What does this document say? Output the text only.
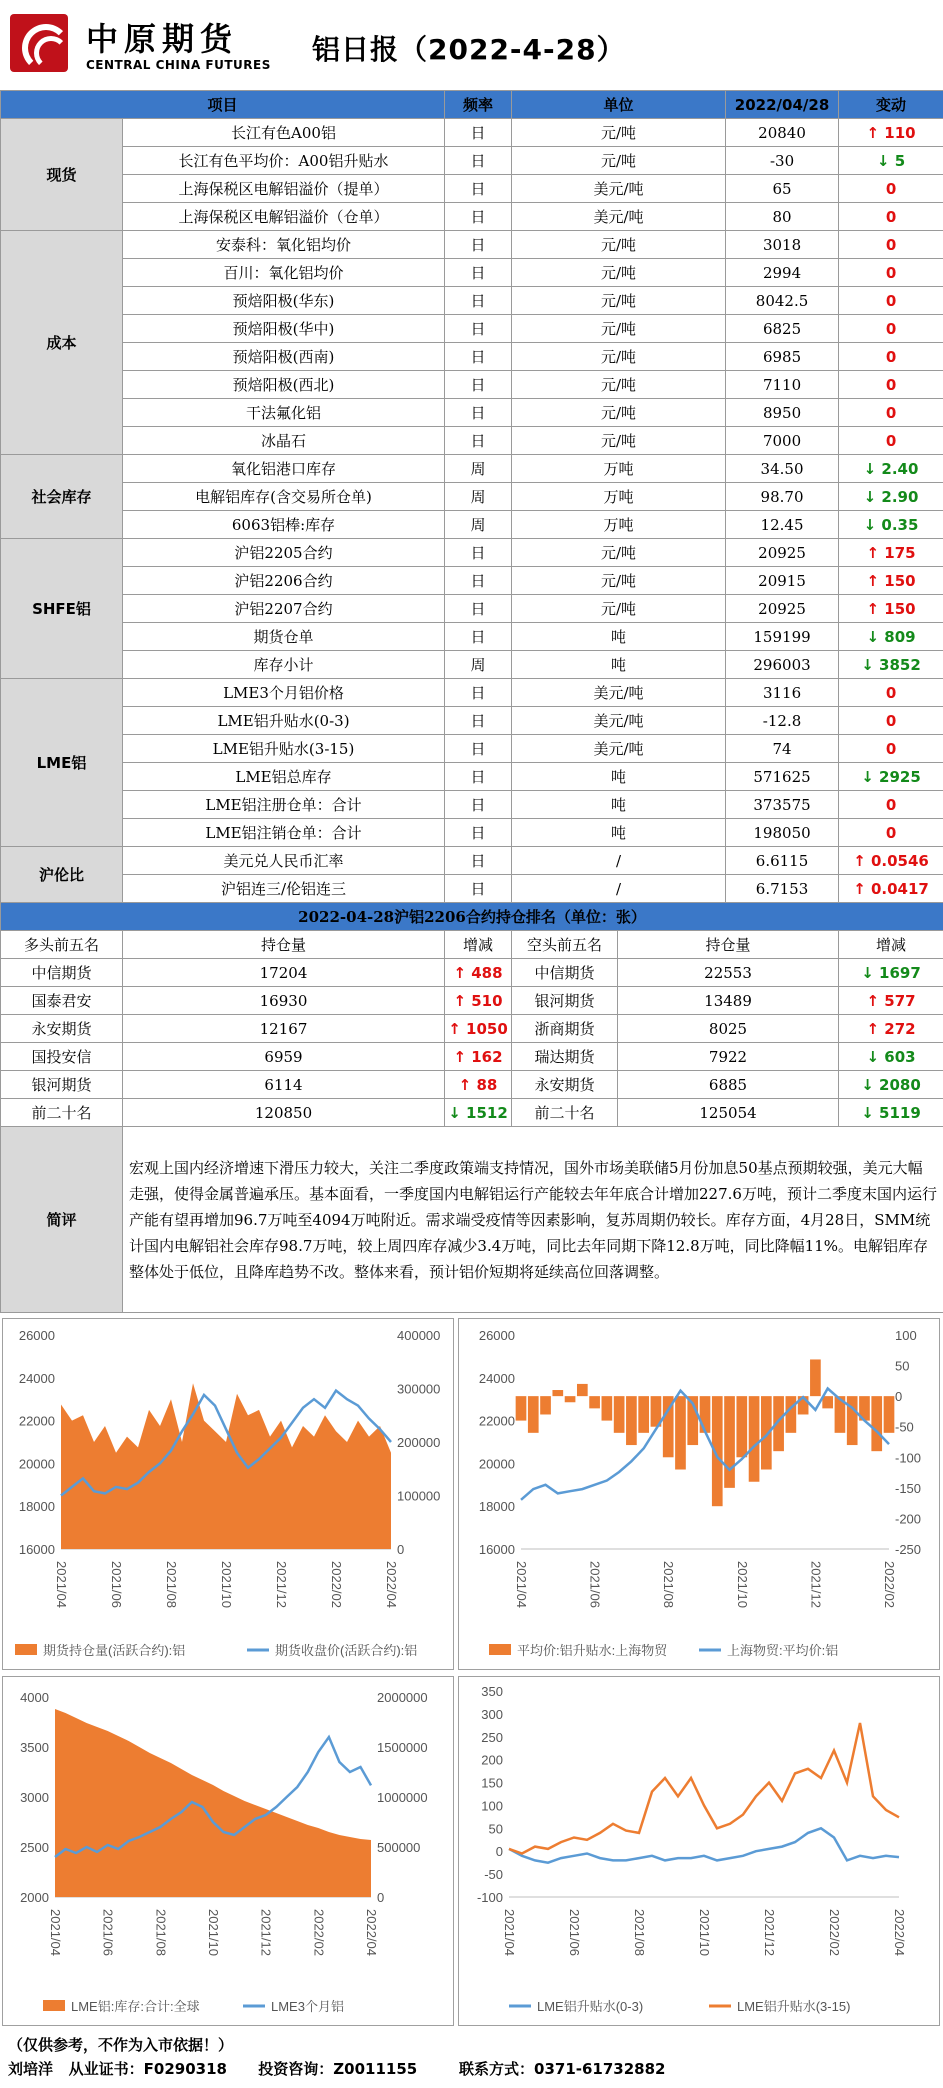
中原期货
CENTRAL CHINA FUTURES 铝日报（2022-4-28）
项目		频率	单位		2022/04/28	变动
现货	长江有色A00铝	日	元/吨		20840	↑ 110
	长江有色平均价：A00铝升贴水	日	元/吨		-30	↓ 5
	上海保税区电解铝溢价（提单）	日	美元/吨		65	0
	上海保税区电解铝溢价（仓单）	日	美元/吨		80	0
成本	安泰科：氧化铝均价	日	元/吨		3018	0
	百川：氧化铝均价	日	元/吨		2994	0
	预焙阳极(华东)	日	元/吨		8042.5	0
	预焙阳极(华中)	日	元/吨		6825	0
	预焙阳极(西南)	日	元/吨		6985	0
	预焙阳极(西北)	日	元/吨		7110	0
	干法氟化铝	日	元/吨		8950	0
	冰晶石	日	元/吨		7000	0
社会库存	氧化铝港口库存	周	万吨		34.50	↓ 2.40
	电解铝库存(含交易所仓单)	周	万吨		98.70	↓ 2.90
	6063铝棒:库存	周	万吨		12.45	↓ 0.35
SHFE铝	沪铝2205合约	日	元/吨		20925	↑ 175
	沪铝2206合约	日	元/吨		20915	↑ 150
	沪铝2207合约	日	元/吨		20925	↑ 150
	期货仓单	日	吨		159199	↓ 809
	库存小计	周	吨		296003	↓ 3852
LME铝	LME3个月铝价格	日	美元/吨		3116	0
	LME铝升贴水(0-3)	日	美元/吨		-12.8	0
	LME铝升贴水(3-15)	日	美元/吨		74	0
	LME铝总库存	日	吨		571625	↓ 2925
	LME铝注册仓单：合计	日	吨		373575	0
	LME铝注销仓单：合计	日	吨		198050	0
沪伦比	美元兑人民币汇率	日	/		6.6115	↑ 0.0546
	沪铝连三/伦铝连三	日	/		6.7153	↑ 0.0417
2022-04-28沪铝2206合约持仓排名（单位：张）						
多头前五名	持仓量	增减	空头前五名	持仓量		增减
中信期货	17204	↑ 488	中信期货	22553		↓ 1697
国泰君安	16930	↑ 510	银河期货	13489		↑ 577
永安期货	12167	↑ 1050	浙商期货	8025		↑ 272
国投安信	6959	↑ 162	瑞达期货	7922		↓ 603
银河期货	6114	↑ 88	永安期货	6885		↓ 2080
前二十名	120850	↓ 1512	前二十名	125054		↓ 5119
简评	宏观上国内经济增速下滑压力较大，关注二季度政策端支持情况，国外市场美联储5月份加息50基点预期较强，美元大幅走强，使得金属普遍承压。基本面看，一季度国内电解铝运行产能较去年年底合计增加227.6万吨，预计二季度末国内运行产能有望再增加96.7万吨至4094万吨附近。需求端受疫情等因素影响，复苏周期仍较长。库存方面，4月28日，SMM统计国内电解铝社会库存98.7万吨，较上周四库存减少3.4万吨，同比去年同期下降12.8万吨，同比降幅11%。电解铝库存整体处于低位，且降库趋势不改。整体来看，预计铝价短期将延续高位回落调整。					
26000
24000
22000
20000
18000
16000
400000
300000
200000
100000
0
2021/04	2021/06	2021/08	2021/10	2021/12	2022/02	2022/04
期货持仓量(活跃合约):铝	期货收盘价(活跃合约):铝
26000
24000
22000
20000
18000
16000
100
50
0
-50
-100
-150
-200
-250
2021/04	2021/06	2021/08	2021/10	2021/12	2022/02
平均价:铝升贴水:上海物贸	上海物贸:平均价:铝
4000
3500
3000
2500
2000
2000000
1500000
1000000
500000
0
2021/04	2021/06	2021/08	2021/10	2021/12	2022/02	2022/04
LME铝:库存:合计:全球	LME3个月铝
350
300
250
200
150
100
50
0
-50
-100
2021/04	2021/06	2021/08	2021/10	2021/12	2022/02	2022/04
LME铝升贴水(0-3)	LME铝升贴水(3-15)
（仅供参考，不作为入市依据！）
刘培洋   从业证书：F0290318      投资咨询：Z0011155        联系方式：0371-61732882
